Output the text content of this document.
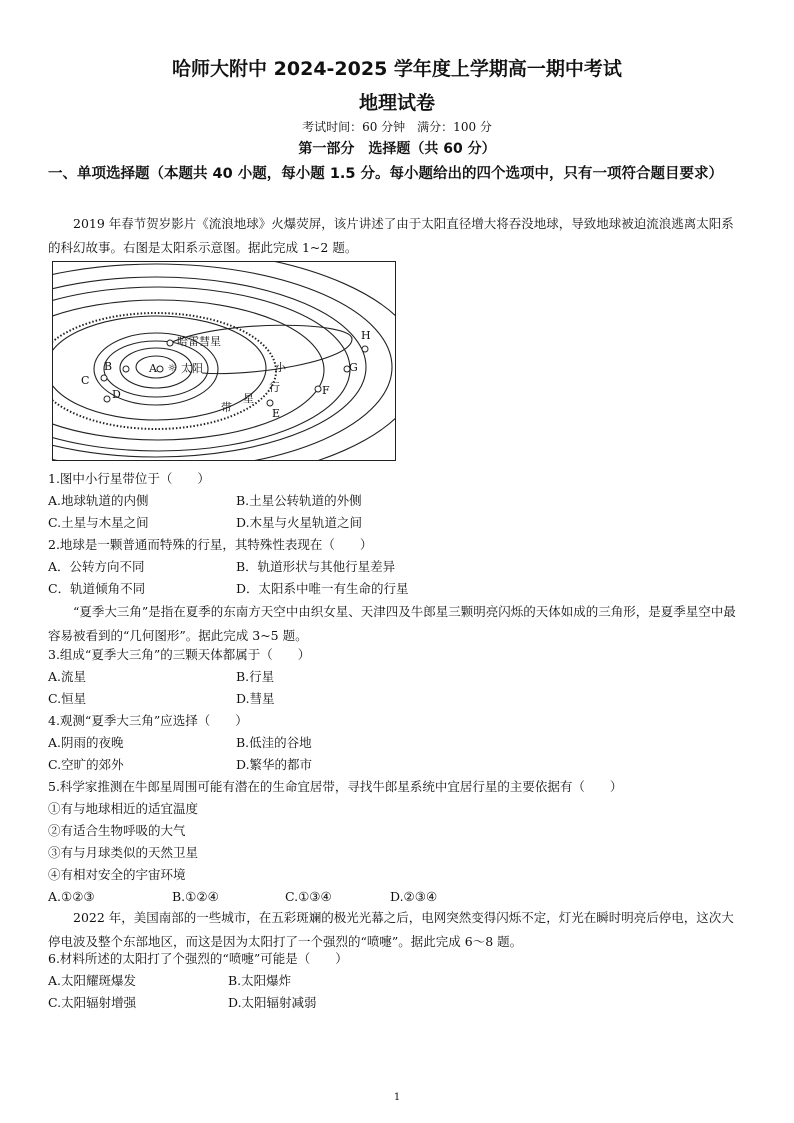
哈师大附中 2024-2025 学年度上学期高一期中考试
地理试卷
考试时间：60 分钟　满分：100 分
第一部分　选择题（共 60 分）
一、单项选择题（本题共 40 小题，每小题 1.5 分。每小题给出的四个选项中，只有一项符合题目要求）
2019 年春节贺岁影片《流浪地球》火爆荧屏，该片讲述了由于太阳直径增大将吞没地球，导致地球被迫流浪逃离太阳系的科幻故事。右图是太阳系示意图。据此完成 1~2 题。
☼
哈雷彗星
太阳
A
B
C
D
E
F
G
H
小
行
星
带
1.图中小行星带位于（　　）
A.地球轨道的内侧	B.土星公转轨道的外侧
C.土星与木星之间	D.木星与火星轨道之间
2.地球是一颗普通而特殊的行星，其特殊性表现在（　　）
A．公转方向不同	B．轨道形状与其他行星差异
C．轨道倾角不同	D．太阳系中唯一有生命的行星
“夏季大三角”是指在夏季的东南方天空中由织女星、天津四及牛郎星三颗明亮闪烁的天体如成的三角形，是夏季星空中最容易被看到的“几何图形”。据此完成 3~5 题。
3.组成“夏季大三角”的三颗天体都属于（　　）
A.流星	B.行星
C.恒星	D.彗星
4.观测“夏季大三角”应选择（　　）
A.阴雨的夜晚	B.低洼的谷地
C.空旷的郊外	D.繁华的都市
5.科学家推测在牛郎星周围可能有潜在的生命宜居带，寻找牛郎星系统中宜居行星的主要依据有（　　）
①有与地球相近的适宜温度
②有适合生物呼吸的大气
③有与月球类似的天然卫星
④有相对安全的宇宙环境
A.①②③	B.①②④	C.①③④	D.②③④
2022 年，美国南部的一些城市，在五彩斑斓的极光光幕之后，电网突然变得闪烁不定，灯光在瞬时明亮后停电，这次大停电波及整个东部地区，而这是因为太阳打了一个强烈的“喷嚏”。据此完成 6～8 题。
6.材料所述的太阳打了个强烈的“喷嚏”可能是（　　）
A.太阳耀斑爆发	B.太阳爆炸
C.太阳辐射增强	D.太阳辐射减弱
1
